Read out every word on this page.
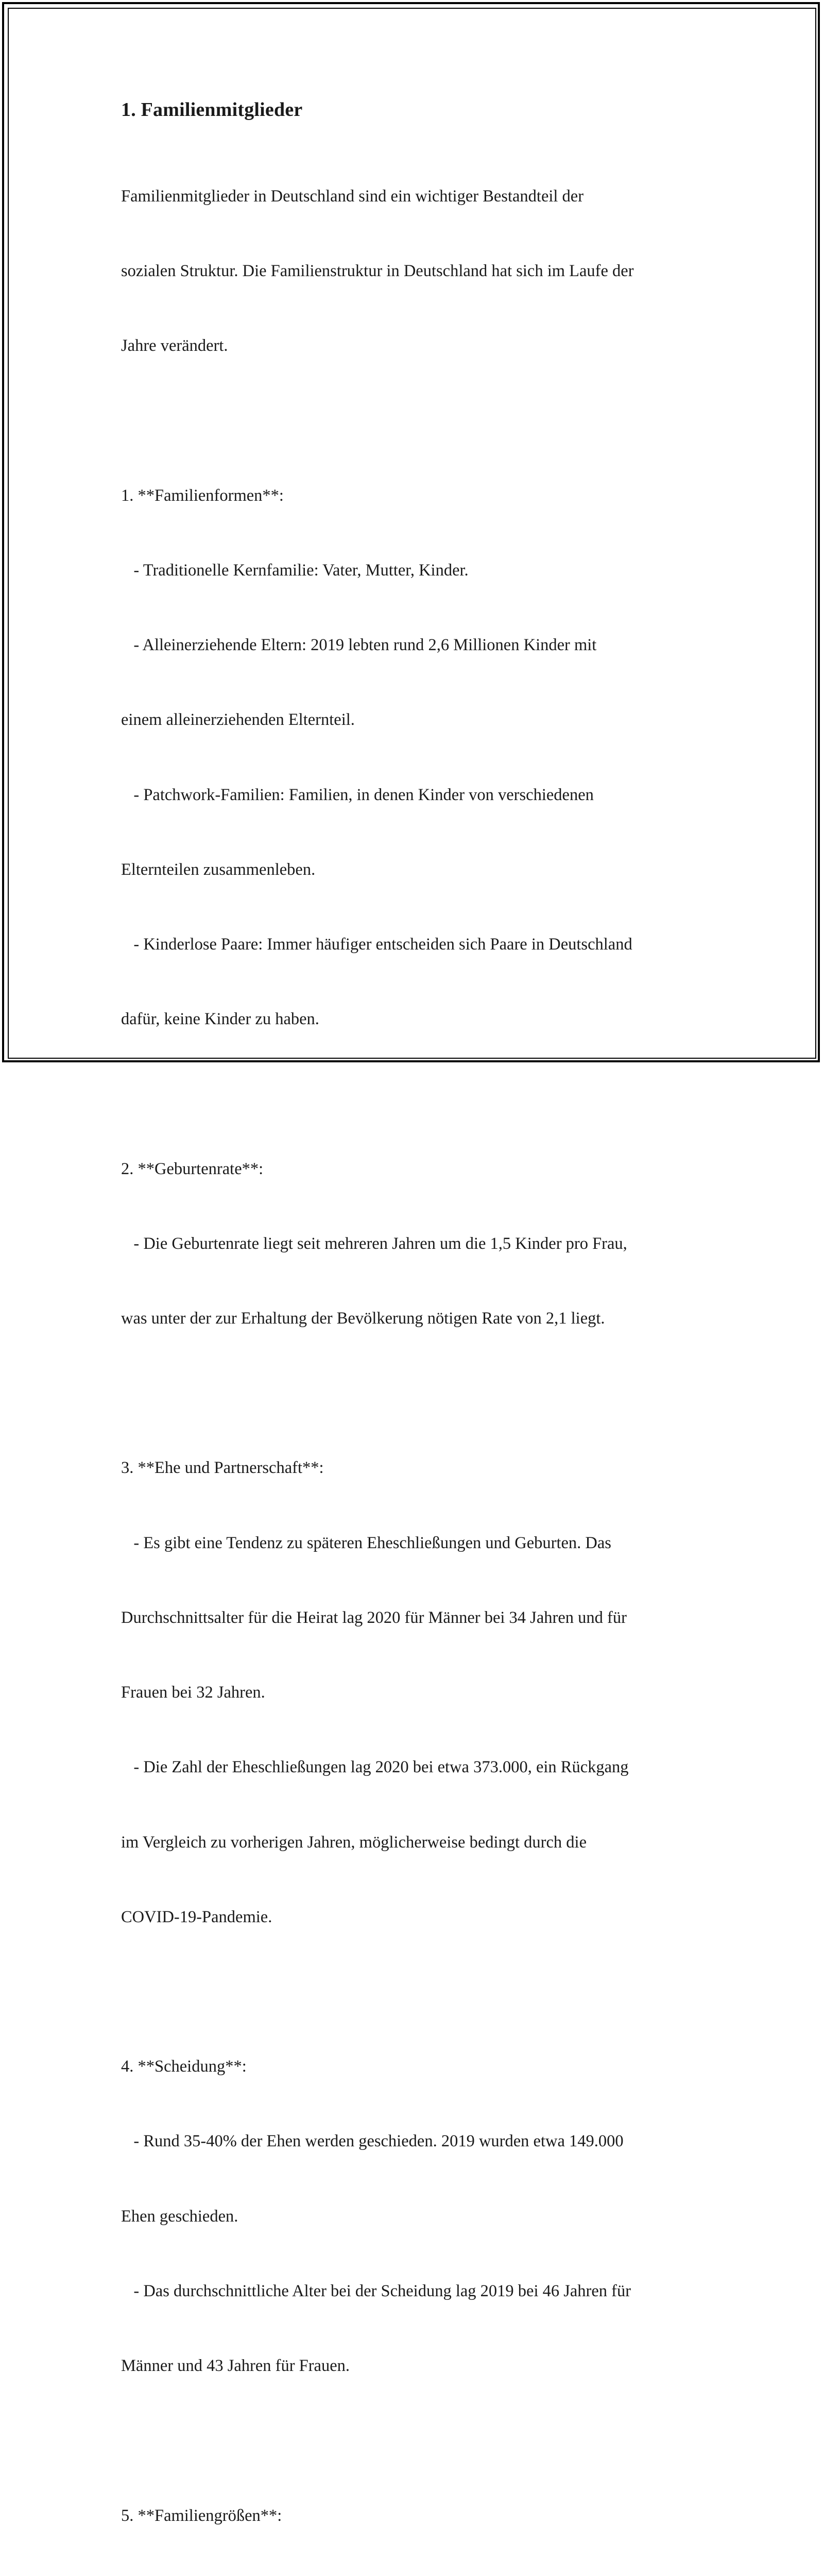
1. Familienmitglieder

Familienmitglieder in Deutschland sind ein wichtiger Bestandteil der

sozialen Struktur. Die Familienstruktur in Deutschland hat sich im Laufe der

Jahre verändert.

1. **Familienformen**:

- Traditionelle Kernfamilie: Vater, Mutter, Kinder.

- Alleinerziehende Eltern: 2019 lebten rund 2,6 Millionen Kinder mit

einem alleinerziehenden Elternteil.

- Patchwork-Familien: Familien, in denen Kinder von verschiedenen

Elternteilen zusammenleben.

- Kinderlose Paare: Immer häufiger entscheiden sich Paare in Deutschland

dafür, keine Kinder zu haben.

2. **Geburtenrate**:

- Die Geburtenrate liegt seit mehreren Jahren um die 1,5 Kinder pro Frau,

was unter der zur Erhaltung der Bevölkerung nötigen Rate von 2,1 liegt.

3. **Ehe und Partnerschaft**:

- Es gibt eine Tendenz zu späteren Eheschließungen und Geburten. Das

Durchschnittsalter für die Heirat lag 2020 für Männer bei 34 Jahren und für

Frauen bei 32 Jahren.

- Die Zahl der Eheschließungen lag 2020 bei etwa 373.000, ein Rückgang

im Vergleich zu vorherigen Jahren, möglicherweise bedingt durch die

COVID-19-Pandemie.

4. **Scheidung**:

- Rund 35-40% der Ehen werden geschieden. 2019 wurden etwa 149.000

Ehen geschieden.

- Das durchschnittliche Alter bei der Scheidung lag 2019 bei 46 Jahren für

Männer und 43 Jahren für Frauen.

5. **Familiengrößen**:
